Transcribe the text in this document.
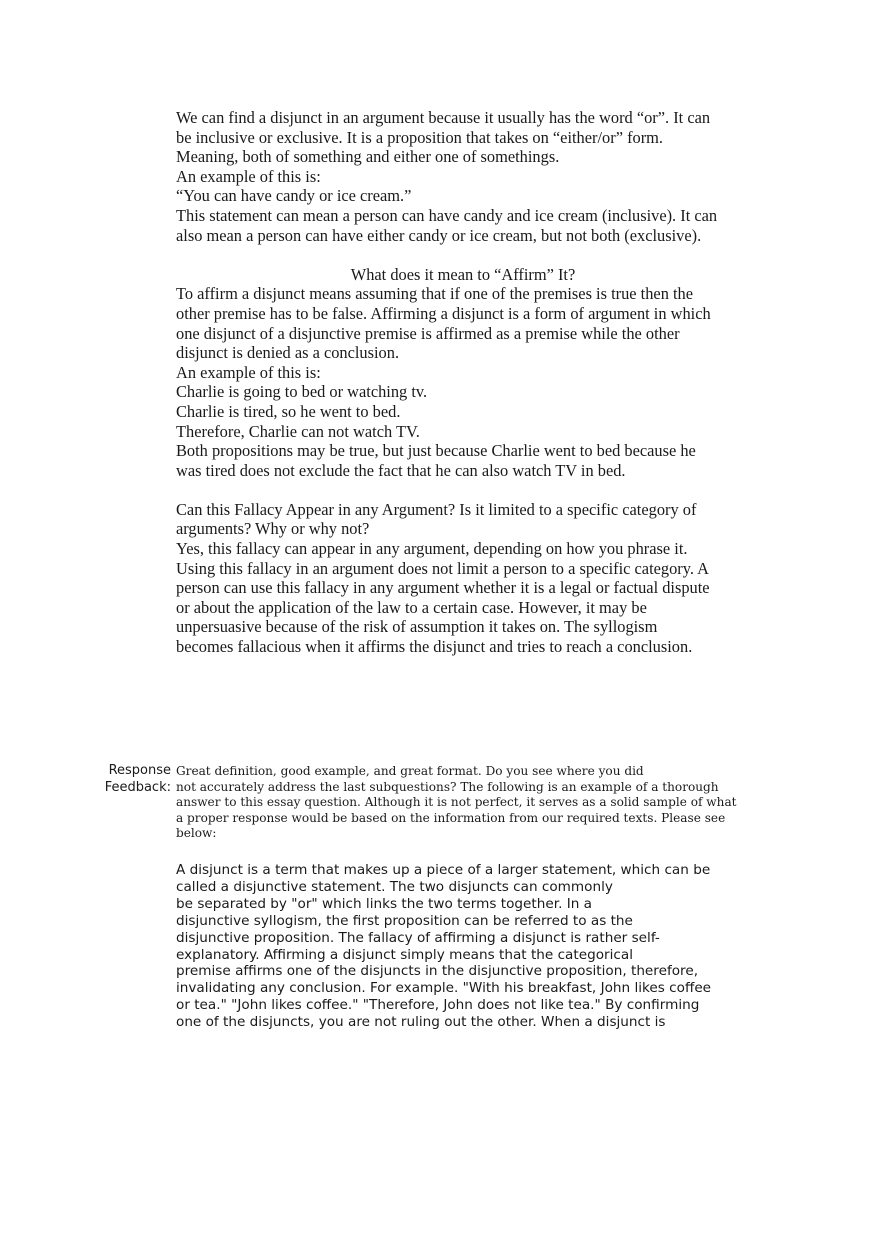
We can find a disjunct in an argument because it usually has the word “or”. It can
be inclusive or exclusive. It is a proposition that takes on “either/or” form.
Meaning, both of something and either one of somethings.
An example of this is:
“You can have candy or ice cream.”
This statement can mean a person can have candy and ice cream (inclusive). It can
also mean a person can have either candy or ice cream, but not both (exclusive).
What does it mean to “Affirm” It?
To affirm a disjunct means assuming that if one of the premises is true then the
other premise has to be false. Affirming a disjunct is a form of argument in which
one disjunct of a disjunctive premise is affirmed as a premise while the other
disjunct is denied as a conclusion.
An example of this is:
Charlie is going to bed or watching tv.
Charlie is tired, so he went to bed.
Therefore, Charlie can not watch TV.
Both propositions may be true, but just because Charlie went to bed because he
was tired does not exclude the fact that he can also watch TV in bed.
Can this Fallacy Appear in any Argument? Is it limited to a specific category of
arguments? Why or why not?
Yes, this fallacy can appear in any argument, depending on how you phrase it.
Using this fallacy in an argument does not limit a person to a specific category. A
person can use this fallacy in any argument whether it is a legal or factual dispute
or about the application of the law to a certain case. However, it may be
unpersuasive because of the risk of assumption it takes on. The syllogism
becomes fallacious when it affirms the disjunct and tries to reach a conclusion.
Response
Feedback:
Great definition, good example, and great format. Do you see where you did
not accurately address the last subquestions? The following is an example of a thorough
answer to this essay question. Although it is not perfect, it serves as a solid sample of what
a proper response would be based on the information from our required texts. Please see
below:
A disjunct is a term that makes up a piece of a larger statement, which can be
called a disjunctive statement. The two disjuncts can commonly
be separated by "or" which links the two terms together. In a
disjunctive syllogism, the first proposition can be referred to as the
disjunctive proposition. The fallacy of afﬁrming a disjunct is rather self-
explanatory. Afﬁrming a disjunct simply means that the categorical
premise afﬁrms one of the disjuncts in the disjunctive proposition, therefore,
invalidating any conclusion. For example. "With his breakfast, John likes coffee
or tea." "John likes coffee." "Therefore, John does not like tea." By confirming
one of the disjuncts, you are not ruling out the other. When a disjunct is
